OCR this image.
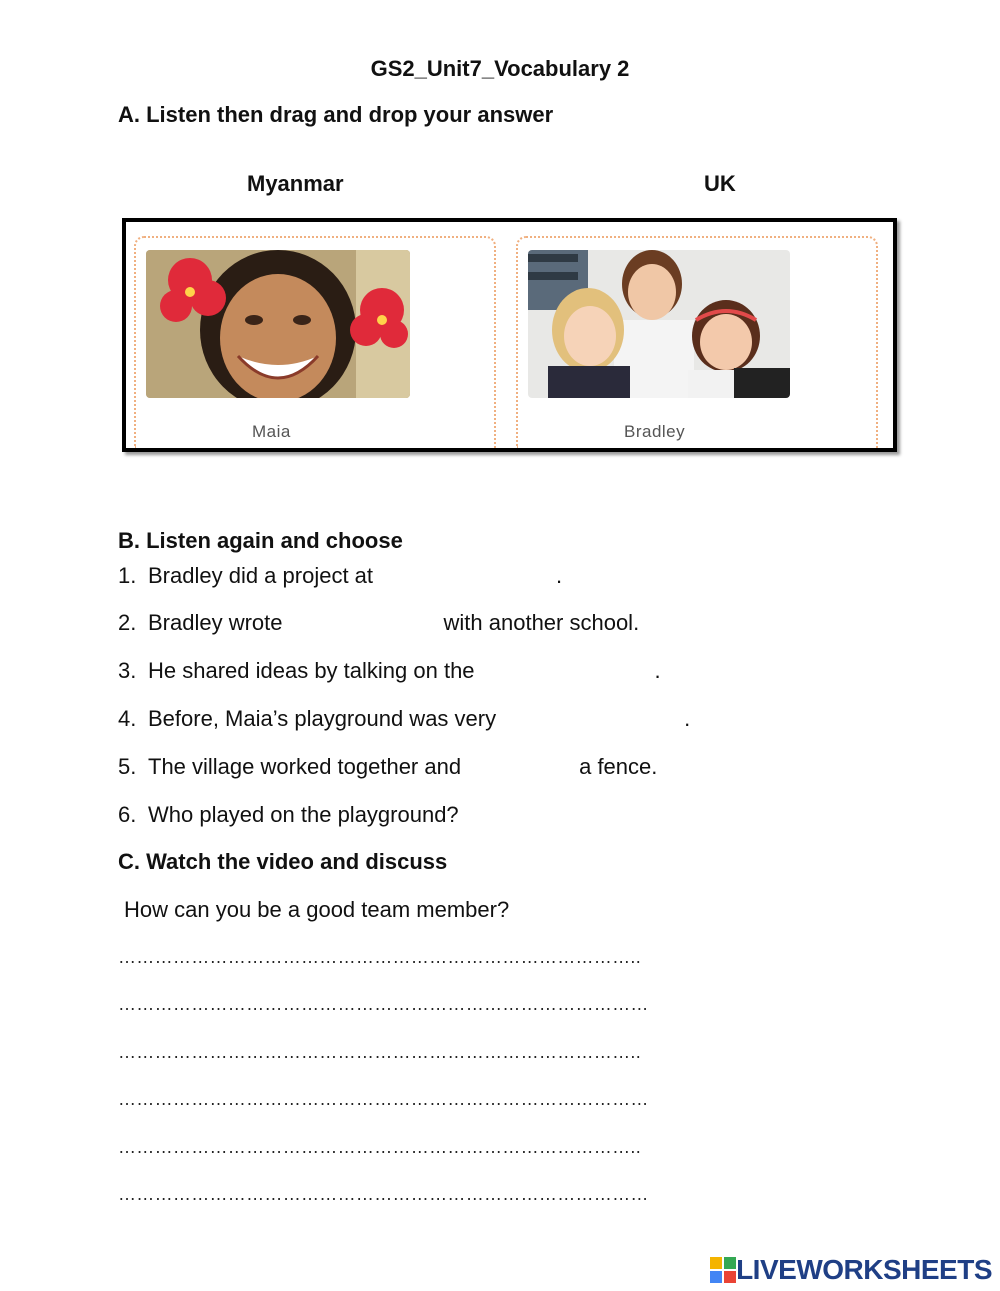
GS2_Unit7_Vocabulary 2
A. Listen then drag and drop your answer
Myanmar	UK
Maia	Bradley
B. Listen again and choose
1. Bradley did a project at	.
2. Bradley wrote	with another school.
3. He shared ideas by talking on the	.
4. Before, Maia’s playground was very	.
5. The village worked together and	a fence.
6. Who played on the playground?
C. Watch the video and discuss
How can you be a good team member?
…………………………………………………………………………..
……………………………………………………………………………
…………………………………………………………………………..
……………………………………………………………………………
…………………………………………………………………………..
……………………………………………………………………………
LIVEWORKSHEETS
